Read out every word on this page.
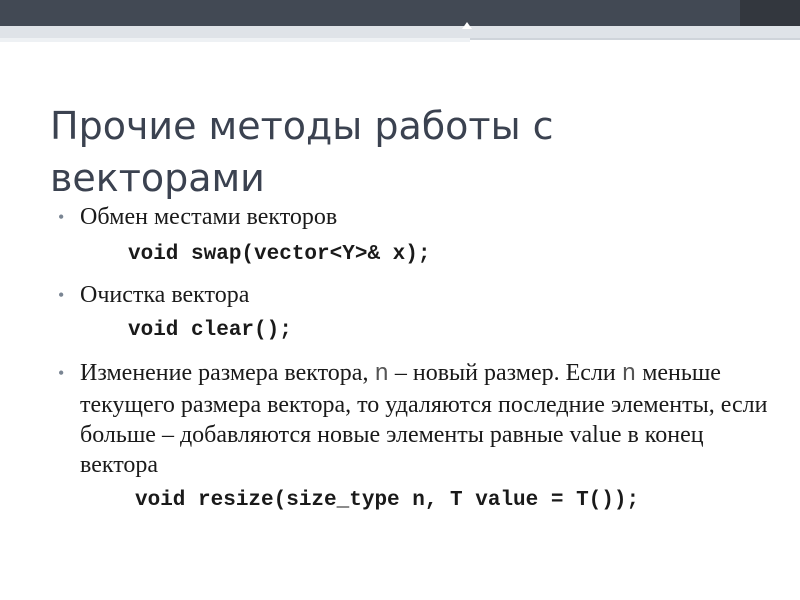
Прочие методы работы с векторами

• Обмен местами векторов

void swap(vector<Y>& x);

• Очистка вектора

void clear();

• Изменение размера вектора, n – новый размер. Если n меньше текущего размера вектора, то удаляются последние элементы, если больше – добавляются новые элементы равные value в конец вектора

void resize(size_type n, T value = T());
